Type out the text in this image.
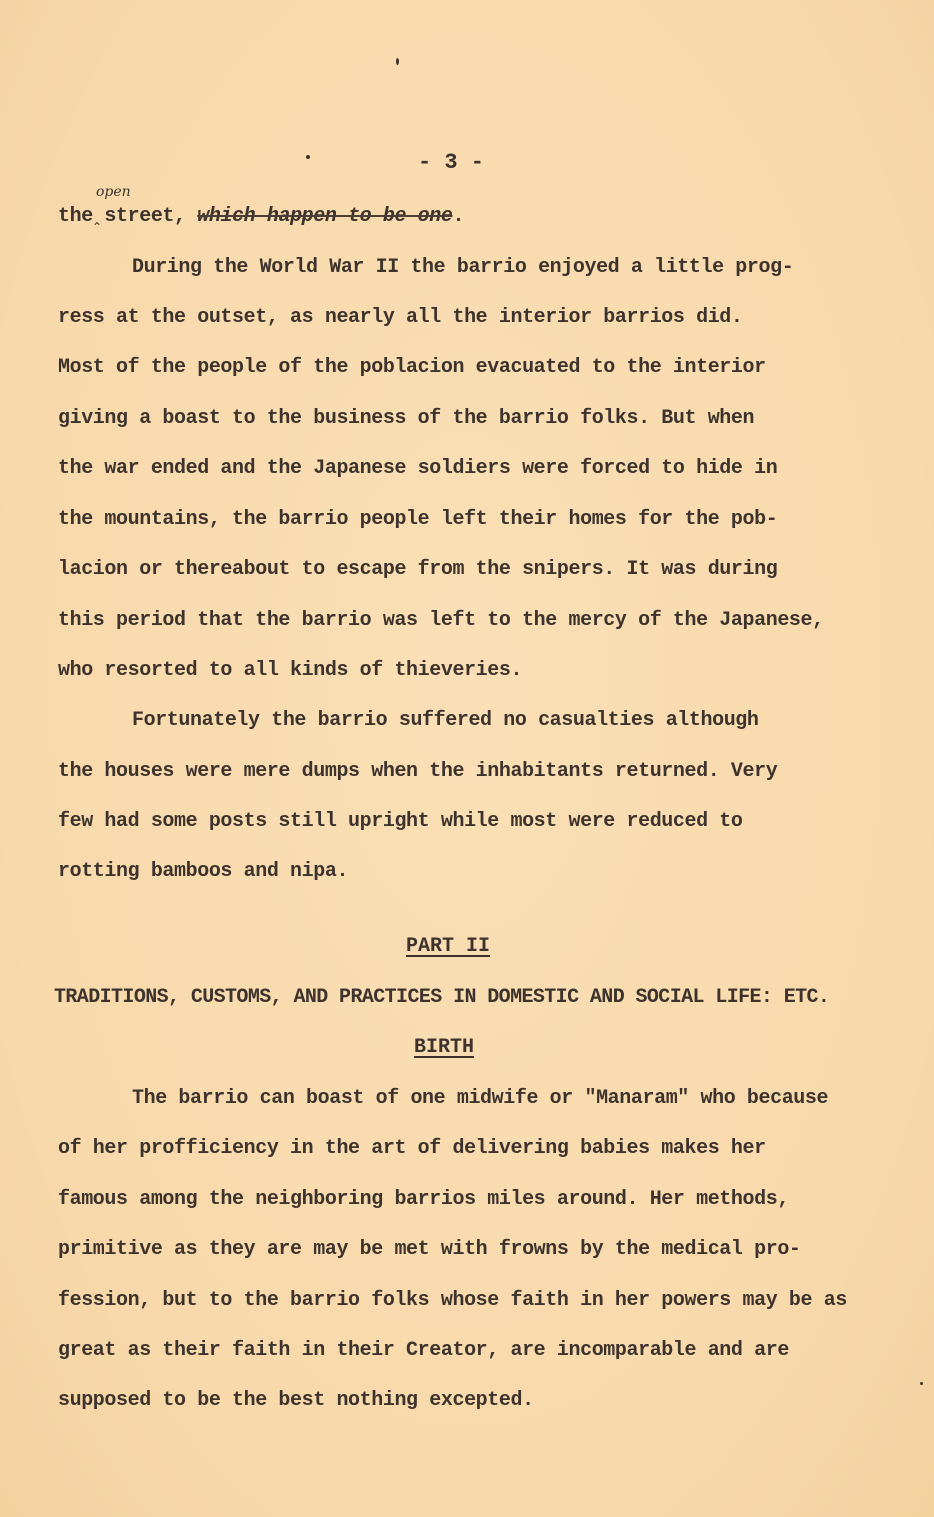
- 3 -
open
⌃
the street, which happen to be one.
During the World War II the barrio enjoyed a little prog-
ress at the outset, as nearly all the interior barrios did.
Most of the people of the poblacion evacuated to the interior
giving a boast to the business of the barrio folks. But when
the war ended and the Japanese soldiers were forced to hide in
the mountains, the barrio people left their homes for the pob-
lacion or thereabout to escape from the snipers. It was during
this period that the barrio was left to the mercy of the Japanese,
who resorted to all kinds of thieveries.
Fortunately the barrio suffered no casualties although
the houses were mere dumps when the inhabitants returned. Very
few had some posts still upright while most were reduced to
rotting bamboos and nipa.
PART II
TRADITIONS, CUSTOMS, AND PRACTICES IN DOMESTIC AND SOCIAL LIFE: ETC.
BIRTH
The barrio can boast of one midwife or "Manaram" who because
of her profficiency in the art of delivering babies makes her
famous among the neighboring barrios miles around. Her methods,
primitive as they are may be met with frowns by the medical pro-
fession, but to the barrio folks whose faith in her powers may be as
great as their faith in their Creator, are incomparable and are
supposed to be the best nothing excepted.
